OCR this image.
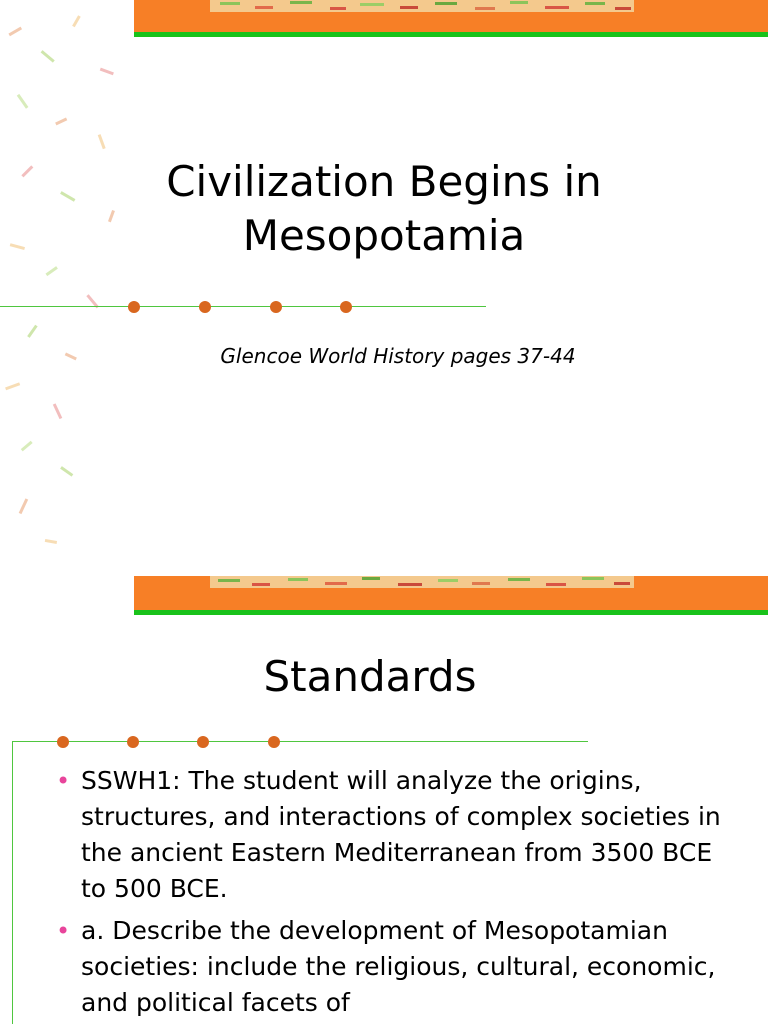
Civilization Begins in
Mesopotamia
Glencoe World History pages 37-44
Standards
• SSWH1: The student will analyze the origins, structures, and interactions of complex societies in the ancient Eastern Mediterranean from 3500 BCE to 500 BCE.
• a. Describe the development of Mesopotamian societies: include the religious, cultural, economic, and political facets of
